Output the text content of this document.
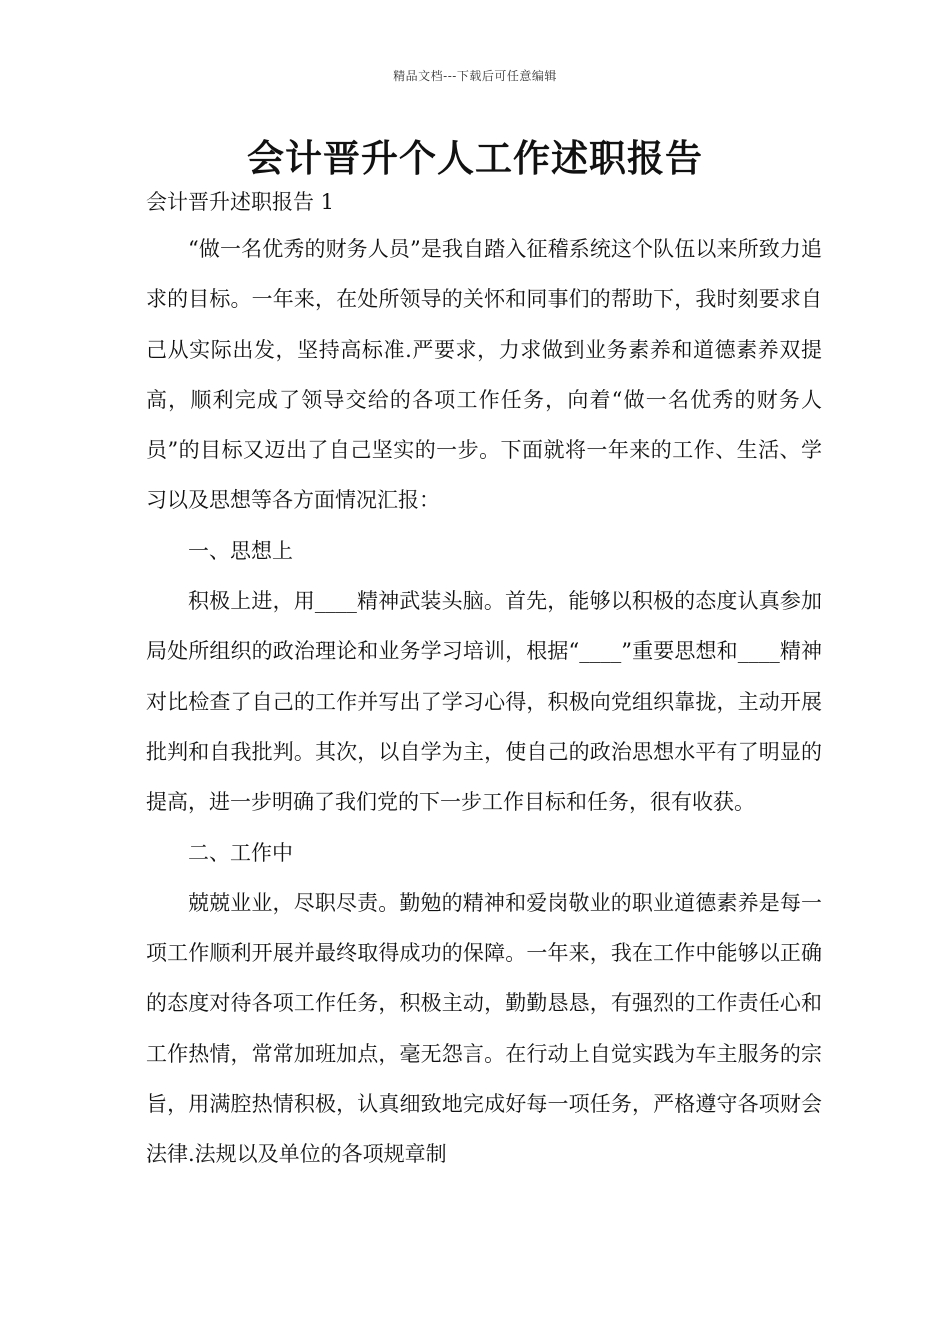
精品文档---下载后可任意编辑
会计晋升个人工作述职报告

会计晋升述职报告 1

“做一名优秀的财务人员”是我自踏入征稽系统这个队伍以来所致力追求的目标。一年来，在处所领导的关怀和同事们的帮助下，我时刻要求自己从实际出发，坚持高标准.严要求，力求做到业务素养和道德素养双提高，顺利完成了领导交给的各项工作任务，向着“做一名优秀的财务人员”的目标又迈出了自己坚实的一步。下面就将一年来的工作、生活、学习以及思想等各方面情况汇报：

一、思想上

积极上进，用____精神武装头脑。首先，能够以积极的态度认真参加局处所组织的政治理论和业务学习培训，根据“____”重要思想和____精神对比检查了自己的工作并写出了学习心得，积极向党组织靠拢，主动开展批判和自我批判。其次，以自学为主，使自己的政治思想水平有了明显的提高，进一步明确了我们党的下一步工作目标和任务，很有收获。

二、工作中

兢兢业业，尽职尽责。勤勉的精神和爱岗敬业的职业道德素养是每一项工作顺利开展并最终取得成功的保障。一年来，我在工作中能够以正确的态度对待各项工作任务，积极主动，勤勤恳恳，有强烈的工作责任心和工作热情，常常加班加点，毫无怨言。在行动上自觉实践为车主服务的宗旨，用满腔热情积极，认真细致地完成好每一项任务，严格遵守各项财会法律.法规以及单位的各项规章制
